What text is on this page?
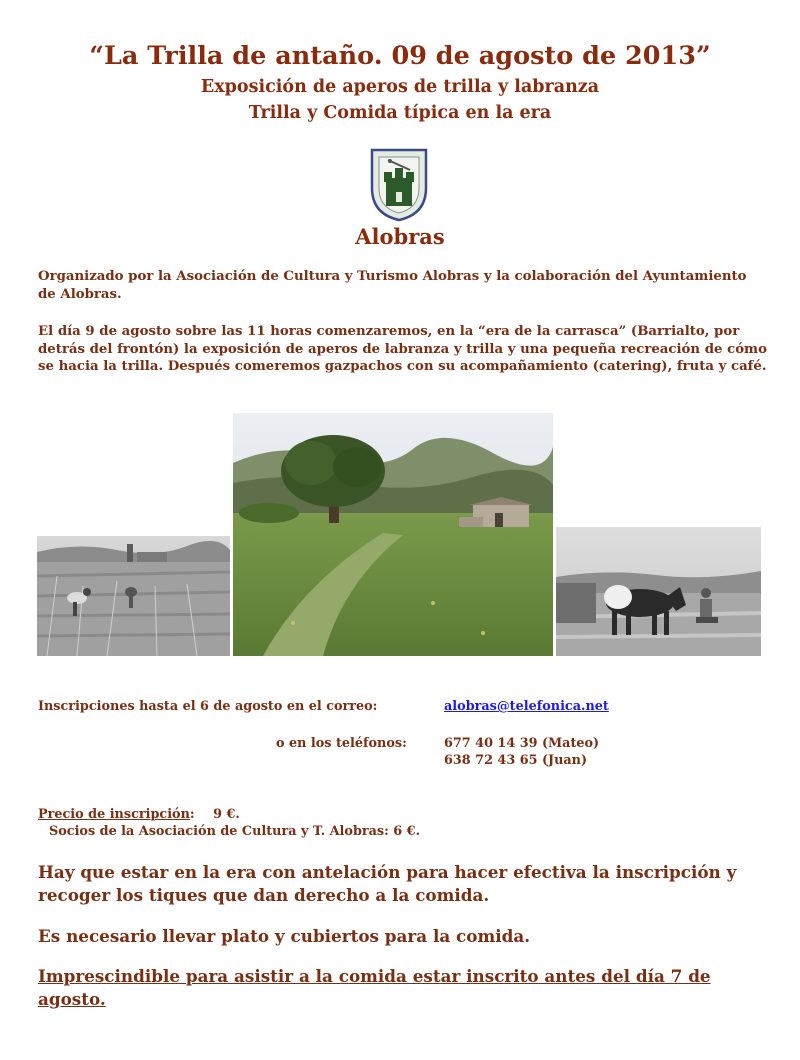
“La Trilla de antaño. 09 de agosto de 2013”
Exposición de aperos de trilla y labranza
Trilla y Comida típica en la era
Alobras
Organizado por la Asociación de Cultura y Turismo Alobras y la colaboración del Ayuntamiento de Alobras.
El día 9 de agosto sobre las 11 horas comenzaremos, en la “era de la carrasca” (Barrialto, por detrás del frontón) la exposición de aperos de labranza y trilla y una pequeña recreación de cómo se hacia la trilla. Después comeremos gazpachos con su acompañamiento (catering), fruta y café.
Inscripciones hasta el 6 de agosto en el correo:	alobras@telefonica.net
o en los teléfonos:	677 40 14 39 (Mateo)
638 72 43 65 (Juan)
Precio de inscripción: 9 €.
Socios de la Asociación de Cultura y T. Alobras: 6 €.
Hay que estar en la era con antelación para hacer efectiva la inscripción y recoger los tiques que dan derecho a la comida.
Es necesario llevar plato y cubiertos para la comida.
Imprescindible para asistir a la comida estar inscrito antes del día 7 de agosto.
